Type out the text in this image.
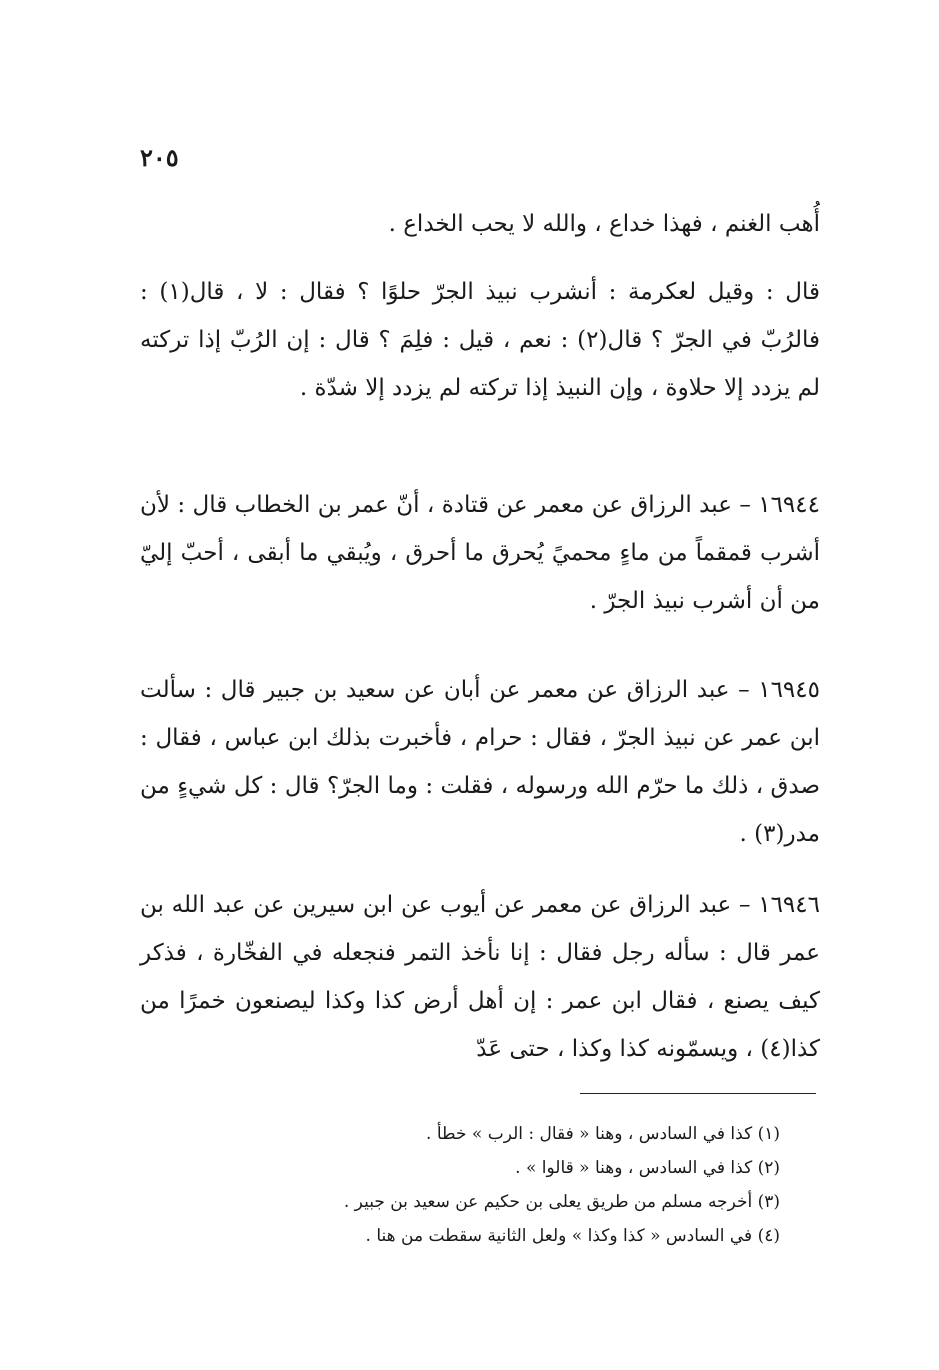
٢٠٥
أُهب الغنم ، فهذا خداع ، والله لا يحب الخداع .
قال : وقيل لعكرمة : أنشرب نبيذ الجرّ حلوًا ؟ فقال : لا ، قال(١) : فالرُبّ في الجرّ ؟ قال(٢) : نعم ، قيل : فلِمَ ؟ قال : إن الرُبّ إذا تركته لم يزدد إلا حلاوة ، وإن النبيذ إذا تركته لم يزدد إلا شدّة .
١٦٩٤٤ – عبد الرزاق عن معمر عن قتادة ، أنّ عمر بن الخطاب قال : لأن أشرب قمقماً من ماءٍ محميً يُحرق ما أحرق ، ويُبقي ما أبقى ، أحبّ إليّ من أن أشرب نبيذ الجرّ .
١٦٩٤٥ – عبد الرزاق عن معمر عن أبان عن سعيد بن جبير قال : سألت ابن عمر عن نبيذ الجرّ ، فقال : حرام ، فأخبرت بذلك ابن عباس ، فقال : صدق ، ذلك ما حرّم الله ورسوله ، فقلت : وما الجرّ؟ قال : كل شيءٍ من مدر(٣) .
١٦٩٤٦ – عبد الرزاق عن معمر عن أيوب عن ابن سيرين عن عبد الله بن عمر قال : سأله رجل فقال : إنا نأخذ التمر فنجعله في الفخّارة ، فذكر كيف يصنع ، فقال ابن عمر : إن أهل أرض كذا وكذا ليصنعون خمرًا من كذا(٤) ، ويسمّونه كذا وكذا ، حتى عَدّ
(١) كذا في السادس ، وهنا « فقال : الرب » خطأ .
(٢) كذا في السادس ، وهنا « قالوا » .
(٣) أخرجه مسلم من طريق يعلى بن حكيم عن سعيد بن جبير .
(٤) في السادس « كذا وكذا » ولعل الثانية سقطت من هنا .
